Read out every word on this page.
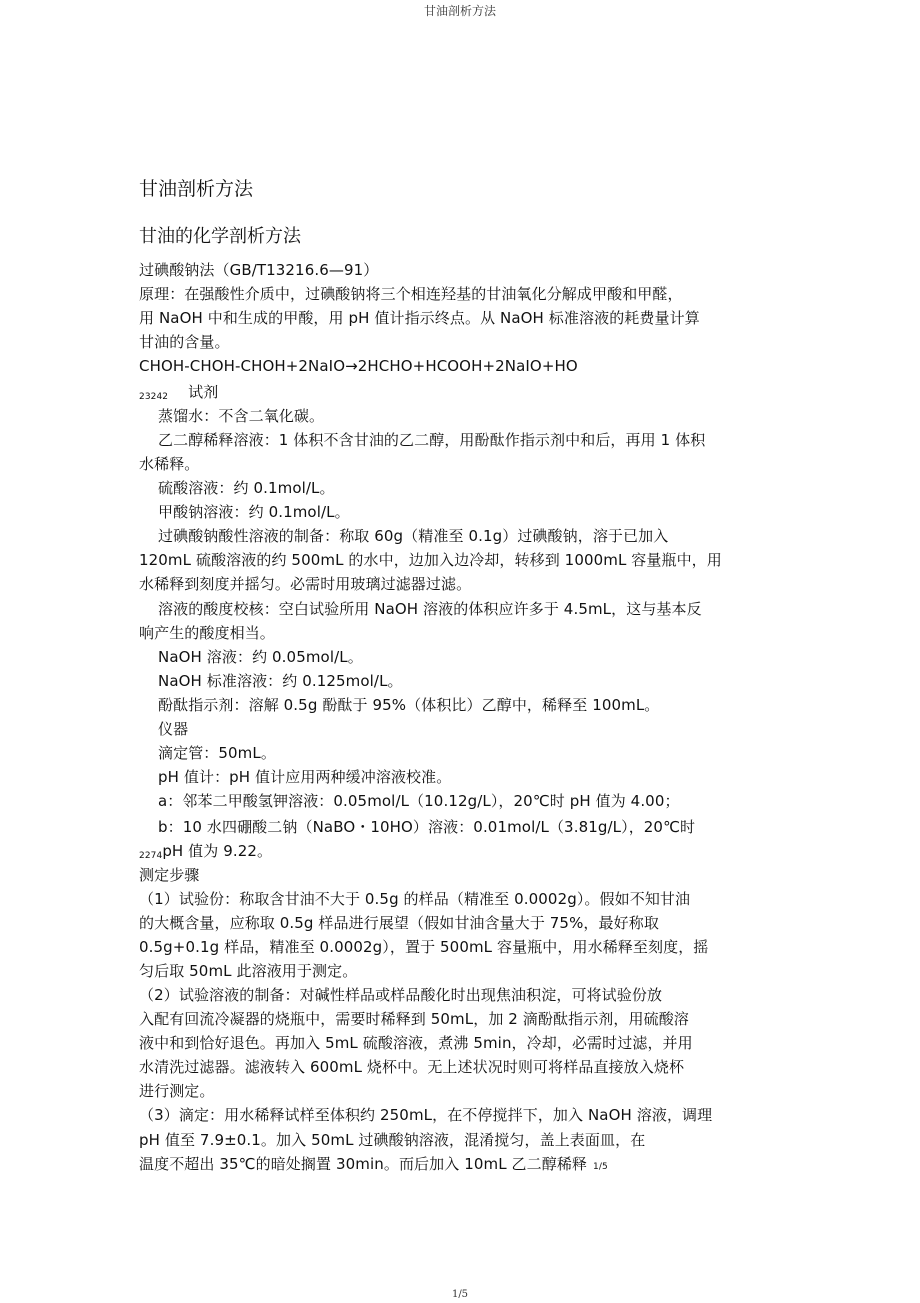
甘油剖析方法
甘油剖析方法
甘油的化学剖析方法
过碘酸钠法（GB/T13216.6—91）
原理：在强酸性介质中，过碘酸钠将三个相连羟基的甘油氧化分解成甲酸和甲醛，
用 NaOH 中和生成的甲酸，用 pH 值计指示终点。从 NaOH 标准溶液的耗费量计算
甘油的含量。
CHOH-CHOH-CHOH+2NaIO→2HCHO+HCOOH+2NaIO+HO
23242 试剂
蒸馏水：不含二氧化碳。
乙二醇稀释溶液：1 体积不含甘油的乙二醇，用酚酞作指示剂中和后，再用 1 体积
水稀释。
硫酸溶液：约 0.1mol/L。
甲酸钠溶液：约 0.1mol/L。
过碘酸钠酸性溶液的制备：称取 60g（精准至 0.1g）过碘酸钠，溶于已加入
120mL 硫酸溶液的约 500mL 的水中，边加入边冷却，转移到 1000mL 容量瓶中，用
水稀释到刻度并摇匀。必需时用玻璃过滤器过滤。
溶液的酸度校核：空白试验所用 NaOH 溶液的体积应许多于 4.5mL，这与基本反
响产生的酸度相当。
NaOH 溶液：约 0.05mol/L。
NaOH 标准溶液：约 0.125mol/L。
酚酞指示剂：溶解 0.5g 酚酞于 95%（体积比）乙醇中，稀释至 100mL。
仪器
滴定管：50mL。
pH 值计：pH 值计应用两种缓冲溶液校准。
a：邻苯二甲酸氢钾溶液：0.05mol/L（10.12g/L），20℃时 pH 值为 4.00；
b：10 水四硼酸二钠（NaBO・10HO）溶液：0.01mol/L（3.81g/L），20℃时
2274pH 值为 9.22。
测定步骤
（1）试验份：称取含甘油不大于 0.5g 的样品（精准至 0.0002g）。假如不知甘油
的大概含量，应称取 0.5g 样品进行展望（假如甘油含量大于 75%，最好称取
0.5g+0.1g 样品，精准至 0.0002g），置于 500mL 容量瓶中，用水稀释至刻度，摇
匀后取 50mL 此溶液用于测定。
（2）试验溶液的制备：对碱性样品或样品酸化时出现焦油积淀，可将试验份放
入配有回流冷凝器的烧瓶中，需要时稀释到 50mL，加 2 滴酚酞指示剂，用硫酸溶
液中和到恰好退色。再加入 5mL 硫酸溶液，煮沸 5min，冷却，必需时过滤，并用
水清洗过滤器。滤液转入 600mL 烧杯中。无上述状况时则可将样品直接放入烧杯
进行测定。
（3）滴定：用水稀释试样至体积约 250mL，在不停搅拌下，加入 NaOH 溶液，调理
pH 值至 7.9±0.1。加入 50mL 过碘酸钠溶液，混淆搅匀，盖上表面皿，在
温度不超出 35℃的暗处搁置 30min。而后加入 10mL 乙二醇稀释 1/5
1/5
